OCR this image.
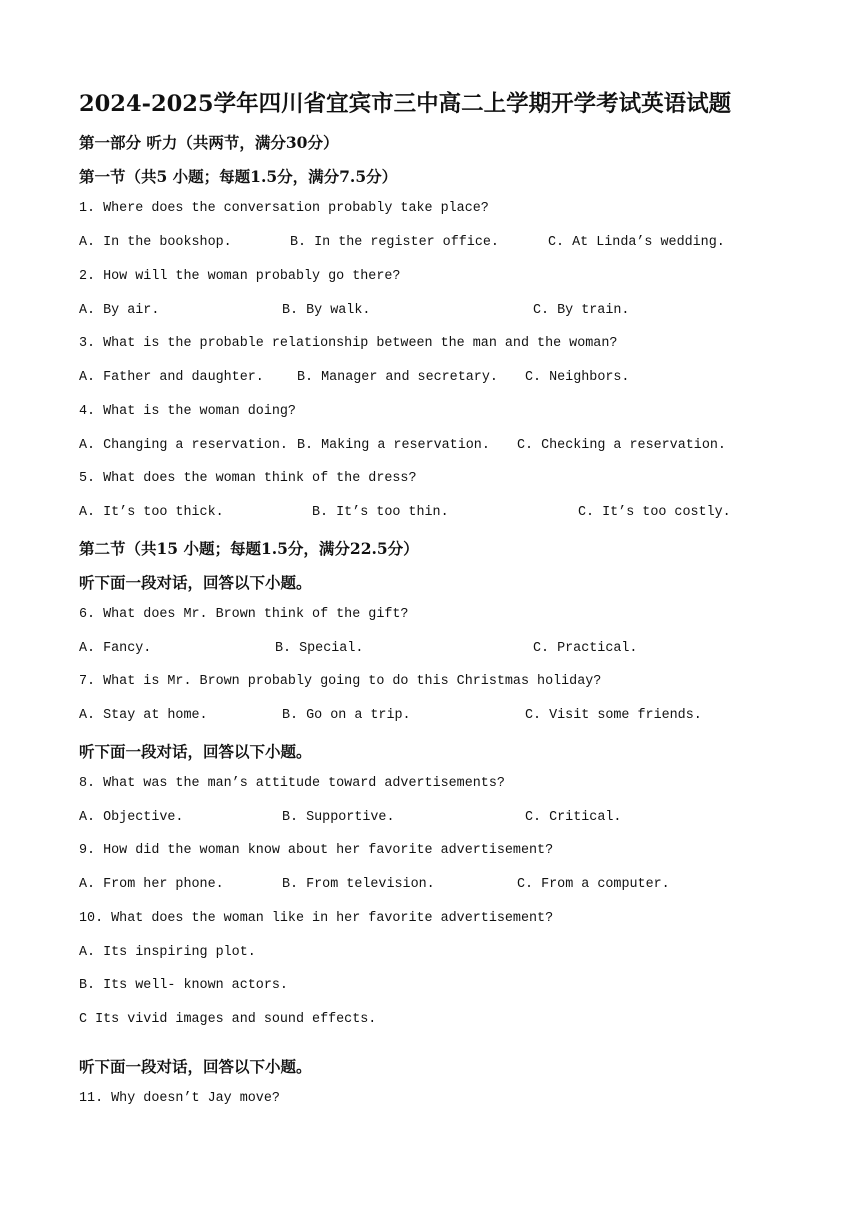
2024-2025学年四川省宜宾市三中高二上学期开学考试英语试题
第一部分 听力（共两节，满分30分）
第一节（共5 小题；每题1.5分，满分7.5分）
1. Where does the conversation probably take place?
A. In the bookshop.	B. In the register office.	C. At Linda’s wedding.
2. How will the woman probably go there?
A. By air.	B. By walk.	C. By train.
3. What is the probable relationship between the man and the woman?
A. Father and daughter. B. Manager and secretary. C. Neighbors.
4. What is the woman doing?
A. Changing a reservation. B. Making a reservation. C. Checking a reservation.
5. What does the woman think of the dress?
A. It’s too thick.	B. It’s too thin.	C. It’s too costly.
第二节（共15 小题；每题1.5分，满分22.5分）
听下面一段对话，回答以下小题。
6. What does Mr. Brown think of the gift?
A. Fancy.	B. Special.	C. Practical.
7. What is Mr. Brown probably going to do this Christmas holiday?
A. Stay at home.	B. Go on a trip.	C. Visit some friends.
听下面一段对话，回答以下小题。
8. What was the man’s attitude toward advertisements?
A. Objective.	B. Supportive.	C. Critical.
9. How did the woman know about her favorite advertisement?
A. From her phone.	B. From television.	C. From a computer.
10. What does the woman like in her favorite advertisement?
A. Its inspiring plot.
B. Its well- known actors.
C Its vivid images and sound effects.
听下面一段对话，回答以下小题。
11. Why doesn’t Jay move?
